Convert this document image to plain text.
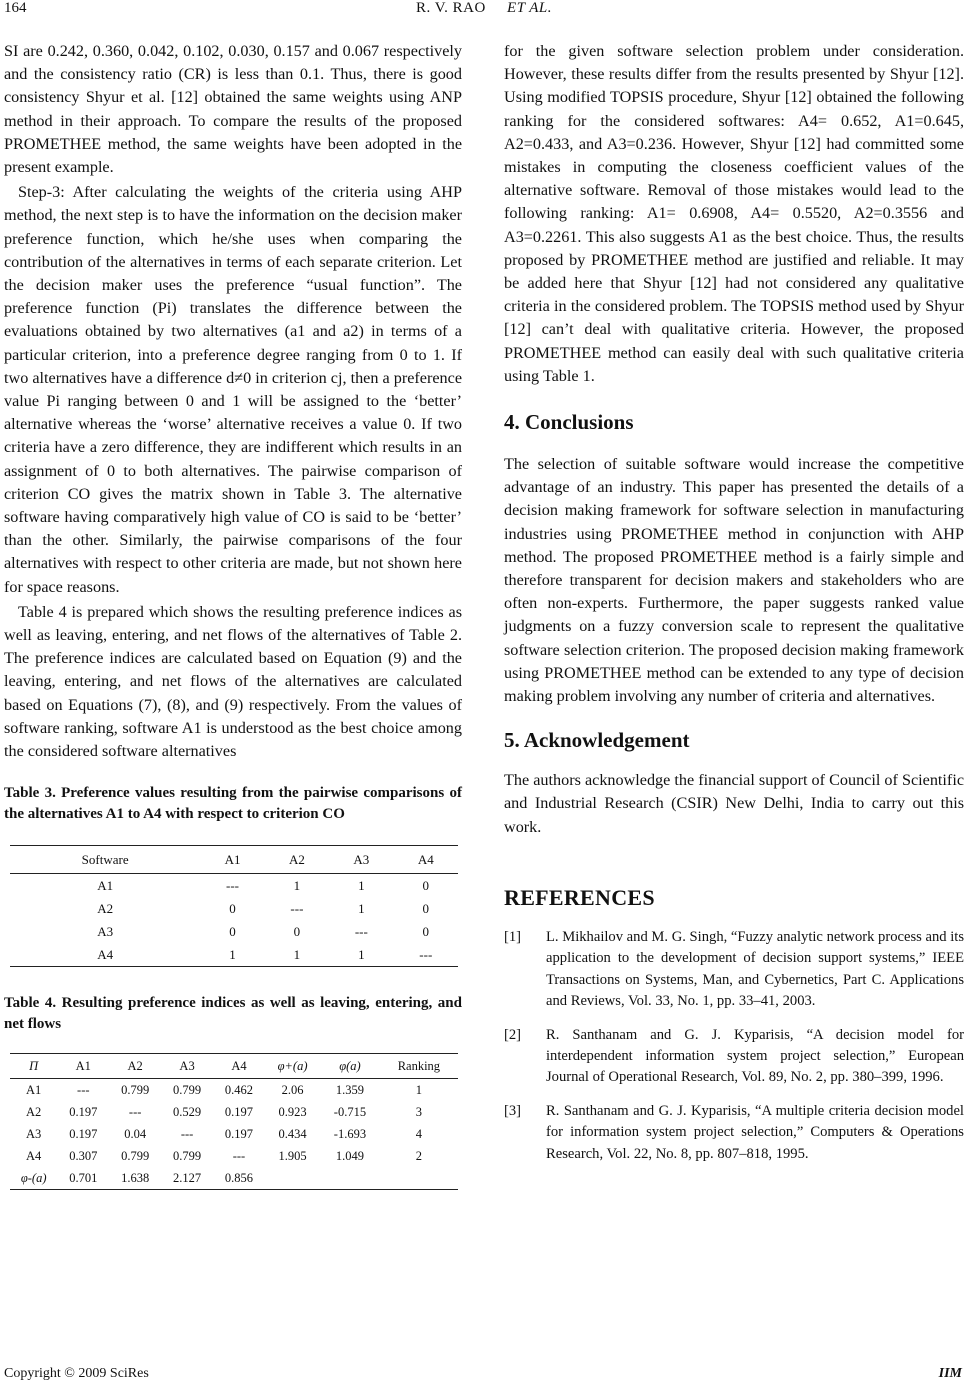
164	R. V. RAO ET AL.

SI are 0.242, 0.360, 0.042, 0.102, 0.030, 0.157 and 0.067 respectively and the consistency ratio (CR) is less than 0.1. Thus, there is good consistency Shyur et al. [12] obtained the same weights using ANP method in their approach. To compare the results of the proposed PROMETHEE method, the same weights have been adopted in the present example.

Step-3: After calculating the weights of the criteria using AHP method, the next step is to have the information on the decision maker preference function, which he/she uses when comparing the contribution of the alternatives in terms of each separate criterion. Let the decision maker uses the preference “usual function”. The preference function (Pi) translates the difference between the evaluations obtained by two alternatives (a1 and a2) in terms of a particular criterion, into a preference degree ranging from 0 to 1. If two alternatives have a difference d≠0 in criterion cj, then a preference value Pi ranging between 0 and 1 will be assigned to the ‘better’ alternative whereas the ‘worse’ alternative receives a value 0. If two criteria have a zero difference, they are indifferent which results in an assignment of 0 to both alternatives. The pairwise comparison of criterion CO gives the matrix shown in Table 3. The alternative software having comparatively high value of CO is said to be ‘better’ than the other. Similarly, the pairwise comparisons of the four alternatives with respect to other criteria are made, but not shown here for space reasons.

Table 4 is prepared which shows the resulting preference indices as well as leaving, entering, and net flows of the alternatives of Table 2. The preference indices are calculated based on Equation (9) and the leaving, entering, and net flows of the alternatives are calculated based on Equations (7), (8), and (9) respectively. From the values of software ranking, software A1 is understood as the best choice among the considered software alternatives

Table 3. Preference values resulting from the pairwise comparisons of the alternatives A1 to A4 with respect to criterion CO

Software	A1	A2	A3	A4
A1	---	1	1	0
A2	0	---	1	0
A3	0	0	---	0
A4	1	1	1	---

Table 4. Resulting preference indices as well as leaving, entering, and net flows

Π	A1	A2	A3	A4	φ+(a)	φ(a)	Ranking
A1	---	0.799	0.799	0.462	2.06	1.359	1
A2	0.197	---	0.529	0.197	0.923	-0.715	3
A3	0.197	0.04	---	0.197	0.434	-1.693	4
A4	0.307	0.799	0.799	---	1.905	1.049	2
φ-(a)	0.701	1.638	2.127	0.856			

for the given software selection problem under consideration. However, these results differ from the results presented by Shyur [12]. Using modified TOPSIS procedure, Shyur [12] obtained the following ranking for the considered softwares: A4= 0.652, A1=0.645, A2=0.433, and A3=0.236. However, Shyur [12] had committed some mistakes in computing the closeness coefficient values of the alternative software. Removal of those mistakes would lead to the following ranking: A1= 0.6908, A4= 0.5520, A2=0.3556 and A3=0.2261. This also suggests A1 as the best choice. Thus, the results proposed by PROMETHEE method are justified and reliable. It may be added here that Shyur [12] had not considered any qualitative criteria in the considered problem. The TOPSIS method used by Shyur [12] can’t deal with qualitative criteria. However, the proposed PROMETHEE method can easily deal with such qualitative criteria using Table 1.

4. Conclusions

The selection of suitable software would increase the competitive advantage of an industry. This paper has presented the details of a decision making framework for software selection in manufacturing industries using PROMETHEE method in conjunction with AHP method. The proposed PROMETHEE method is a fairly simple and therefore transparent for decision makers and stakeholders who are often non-experts. Furthermore, the paper suggests ranked value judgments on a fuzzy conversion scale to represent the qualitative software selection criterion. The proposed decision making framework using PROMETHEE method can be extended to any type of decision making problem involving any number of criteria and alternatives.

5. Acknowledgement

The authors acknowledge the financial support of Council of Scientific and Industrial Research (CSIR) New Delhi, India to carry out this work.

REFERENCES

[1] L. Mikhailov and M. G. Singh, “Fuzzy analytic network process and its application to the development of decision support systems,” IEEE Transactions on Systems, Man, and Cybernetics, Part C. Applications and Reviews, Vol. 33, No. 1, pp. 33–41, 2003.

[2] R. Santhanam and G. J. Kyparisis, “A decision model for interdependent information system project selection,” European Journal of Operational Research, Vol. 89, No. 2, pp. 380–399, 1996.

[3] R. Santhanam and G. J. Kyparisis, “A multiple criteria decision model for information system project selection,” Computers & Operations Research, Vol. 22, No. 8, pp. 807–818, 1995.

Copyright © 2009 SciRes	IIM
